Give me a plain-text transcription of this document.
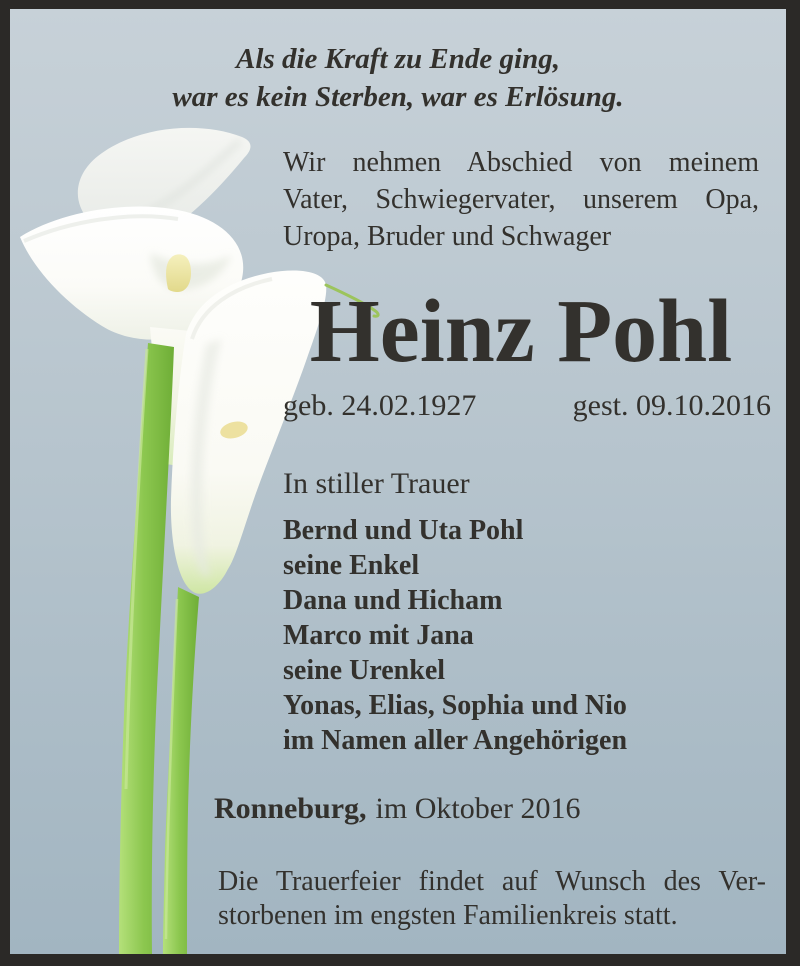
Als die Kraft zu Ende ging,
war es kein Sterben, war es Erlösung.
Wir nehmen Abschied von meinem
Vater, Schwiegervater, unserem Opa,
Uropa, Bruder und Schwager
Heinz Pohl
geb. 24.02.1927	gest. 09.10.2016
In stiller Trauer
Bernd und Uta Pohl
seine Enkel
Dana und Hicham
Marco mit Jana
seine Urenkel
Yonas, Elias, Sophia und Nio
im Namen aller Angehörigen
Ronneburg, im Oktober 2016
Die Trauerfeier findet auf Wunsch des Ver-
storbenen im engsten Familienkreis statt.
